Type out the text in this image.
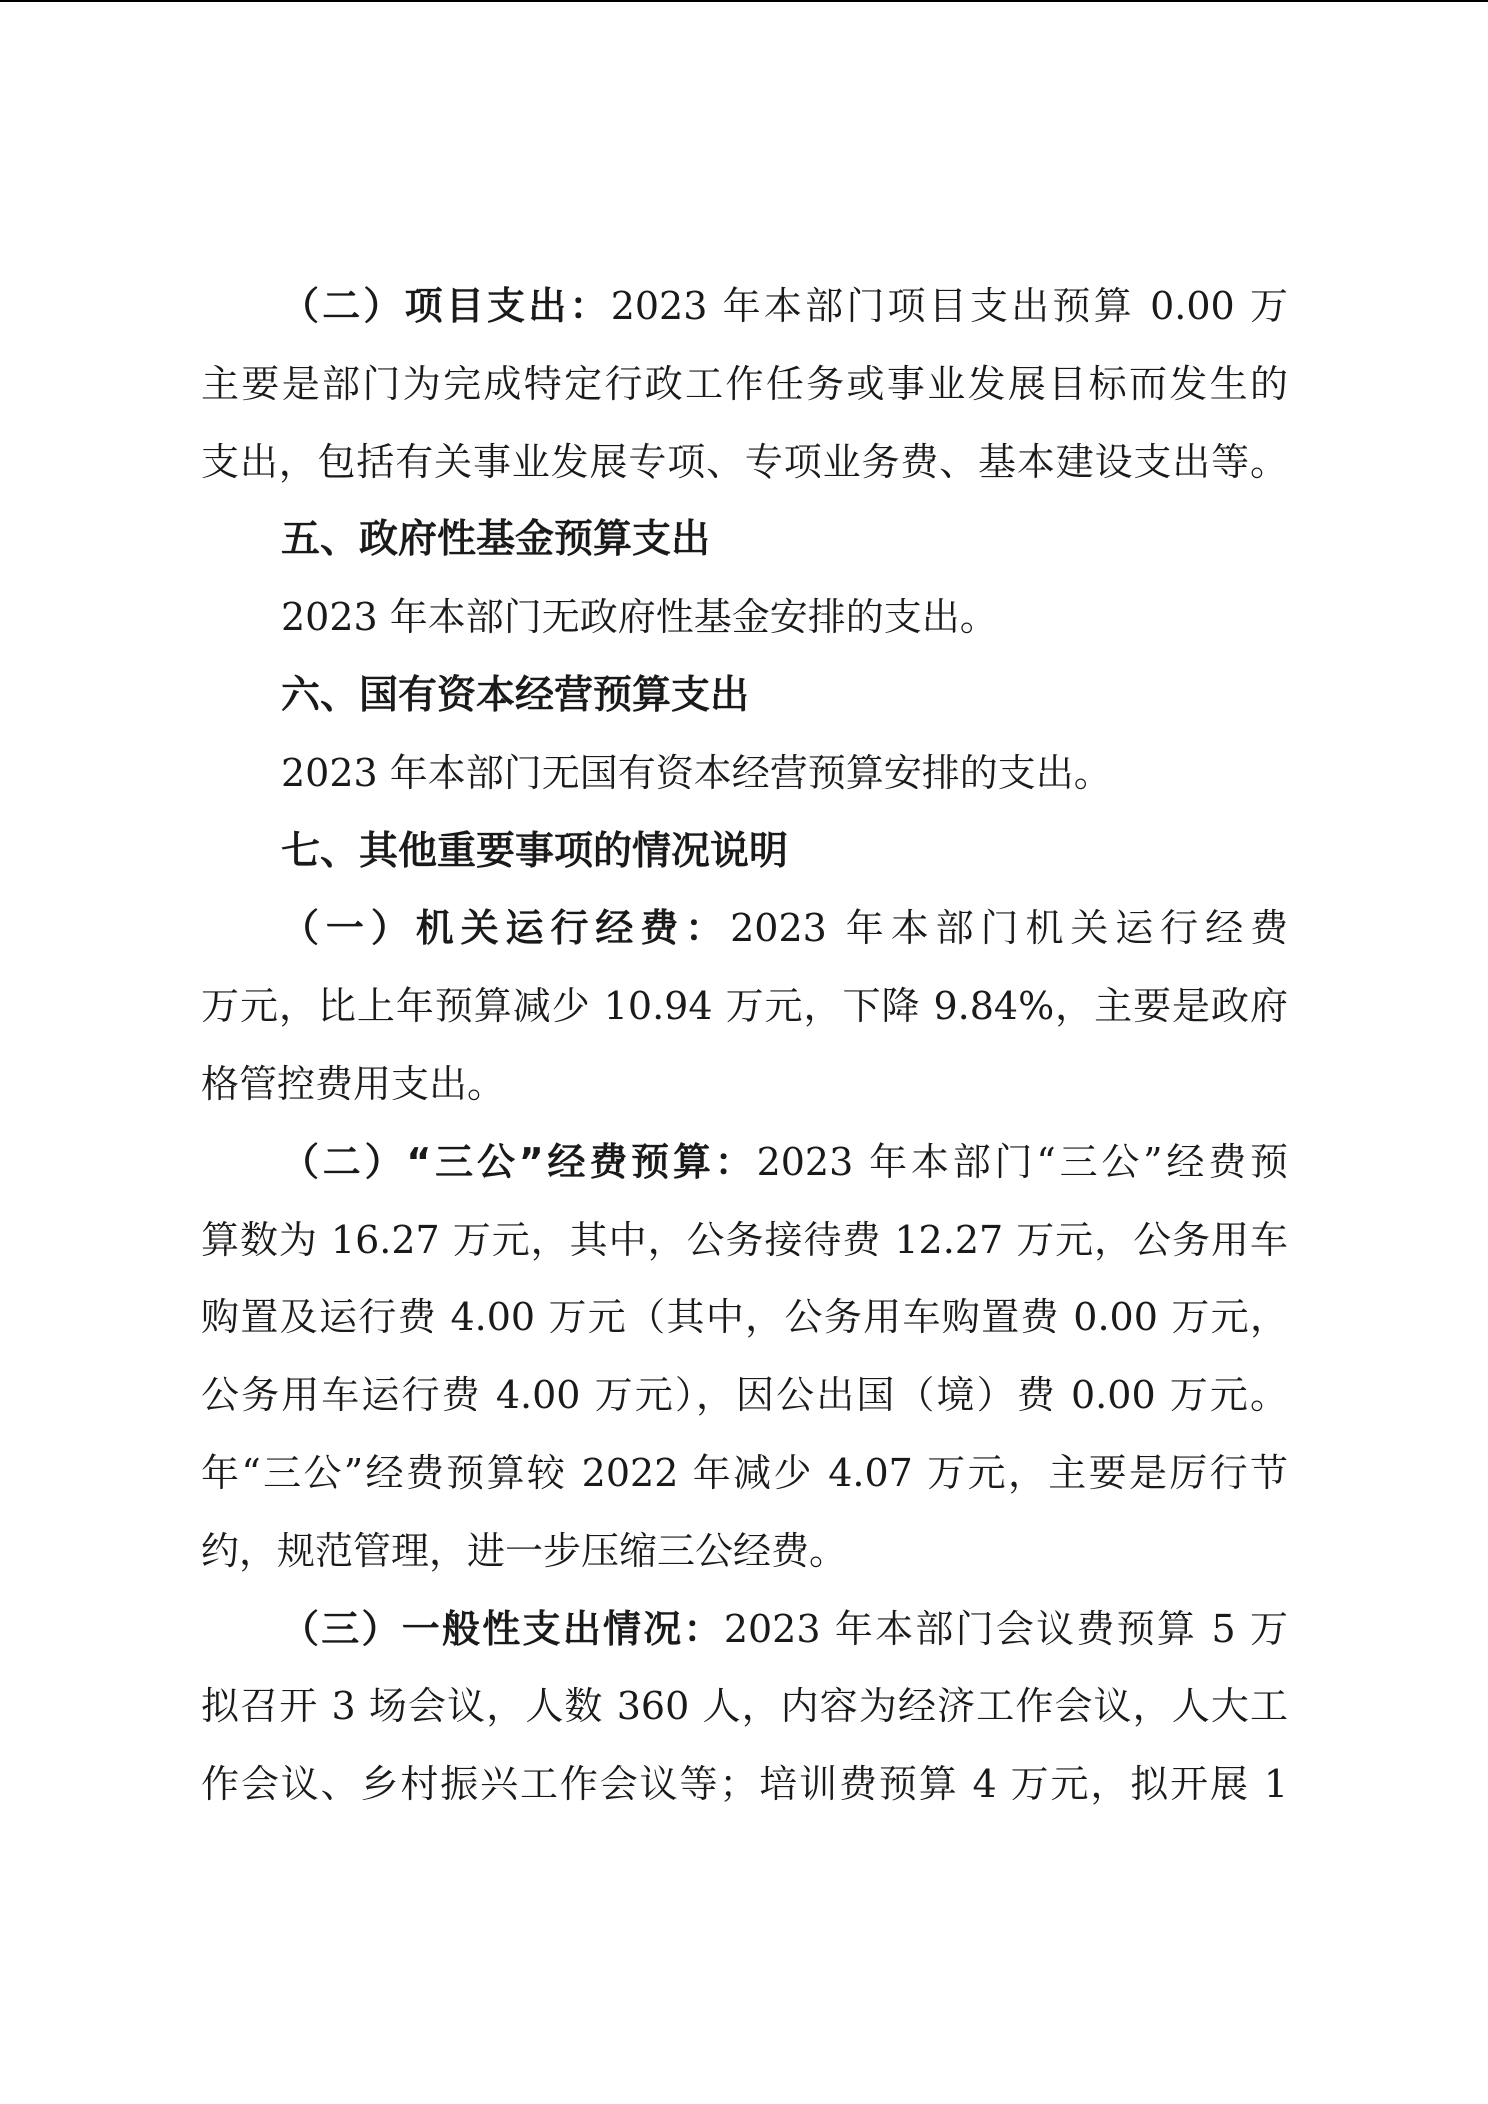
（二）项目支出：2023 年本部门项目支出预算 0.00 万
主要是部门为完成特定行政工作任务或事业发展目标而发生的
支出，包括有关事业发展专项、专项业务费、基本建设支出等。
五、政府性基金预算支出
2023 年本部门无政府性基金安排的支出。
六、国有资本经营预算支出
2023 年本部门无国有资本经营预算安排的支出。
七、其他重要事项的情况说明
（一）机关运行经费：2023 年本部门机关运行经费
万元，比上年预算减少 10.94 万元，下降 9.84%，主要是政府
格管控费用支出。
（二）“三公”经费预算：2023 年本部门“三公”经费预
算数为 16.27 万元，其中，公务接待费 12.27 万元，公务用车
购置及运行费 4.00 万元（其中，公务用车购置费 0.00 万元，
公务用车运行费 4.00 万元），因公出国（境）费 0.00 万元。
年“三公”经费预算较 2022 年减少 4.07 万元，主要是厉行节
约，规范管理，进一步压缩三公经费。
（三）一般性支出情况：2023 年本部门会议费预算 5 万
拟召开 3 场会议，人数 360 人，内容为经济工作会议，人大工
作会议、乡村振兴工作会议等；培训费预算 4 万元，拟开展 1
